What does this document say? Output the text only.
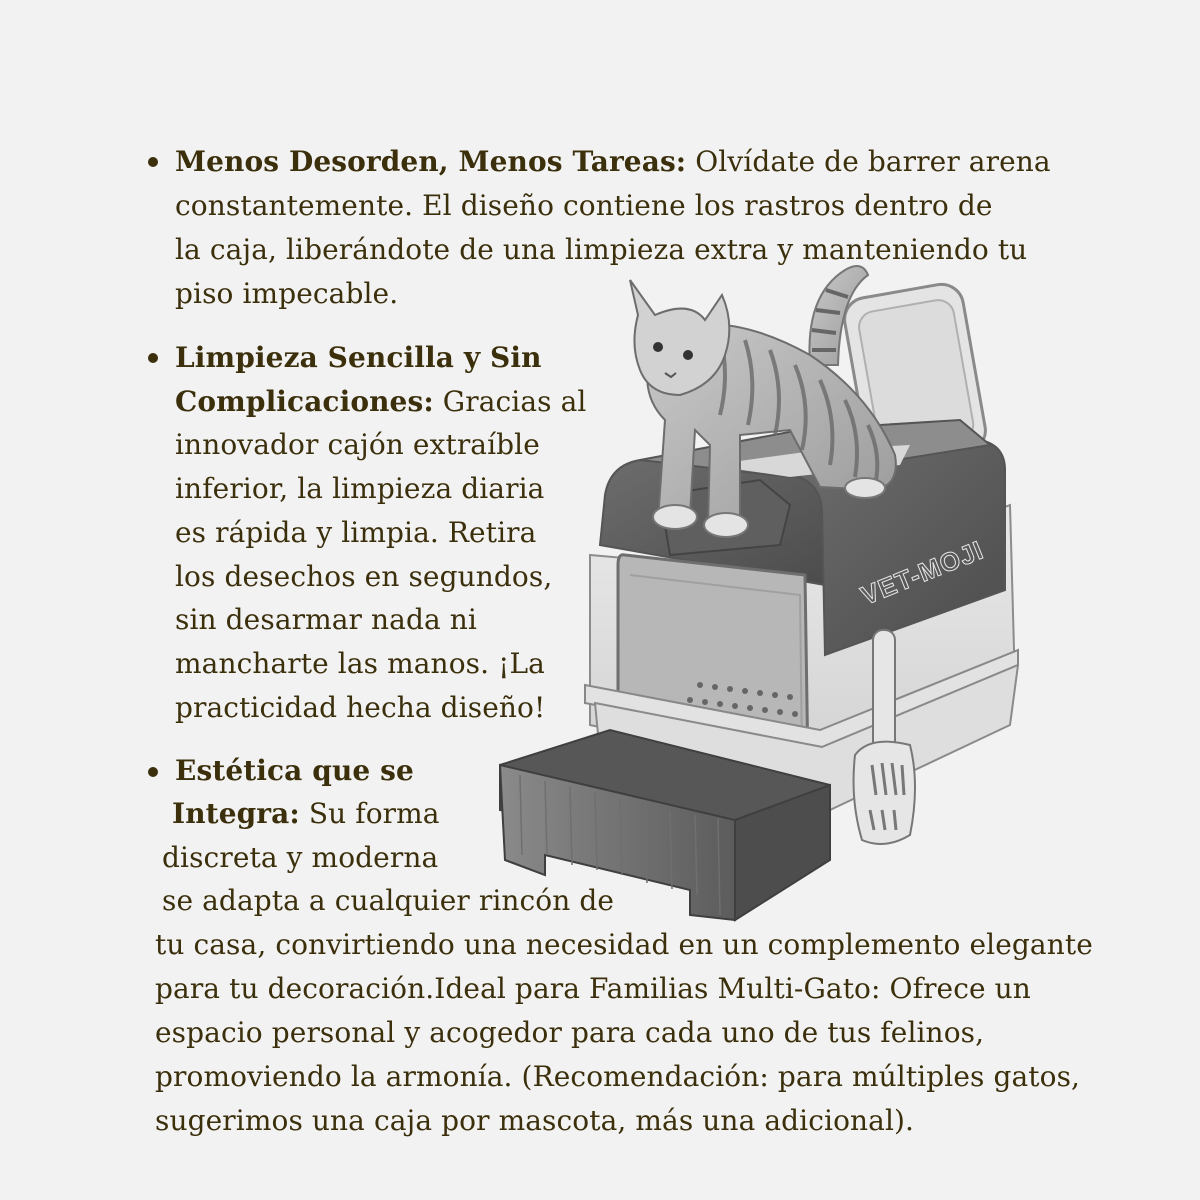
VET-MOJI
Menos Desorden, Menos Tareas: Olvídate de barrer arena
constantemente. El diseño contiene los rastros dentro de
la caja, liberándote de una limpieza extra y manteniendo tu
piso impecable.
Limpieza Sencilla y Sin
Complicaciones: Gracias al
innovador cajón extraíble
inferior, la limpieza diaria
es rápida y limpia. Retira
los desechos en segundos,
sin desarmar nada ni
mancharte las manos. ¡La
practicidad hecha diseño!
Estética que se
Integra: Su forma
discreta y moderna
se adapta a cualquier rincón de
tu casa, convirtiendo una necesidad en un complemento elegante
para tu decoración.Ideal para Familias Multi-Gato: Ofrece un
espacio personal y acogedor para cada uno de tus felinos,
promoviendo la armonía. (Recomendación: para múltiples gatos,
sugerimos una caja por mascota, más una adicional).
